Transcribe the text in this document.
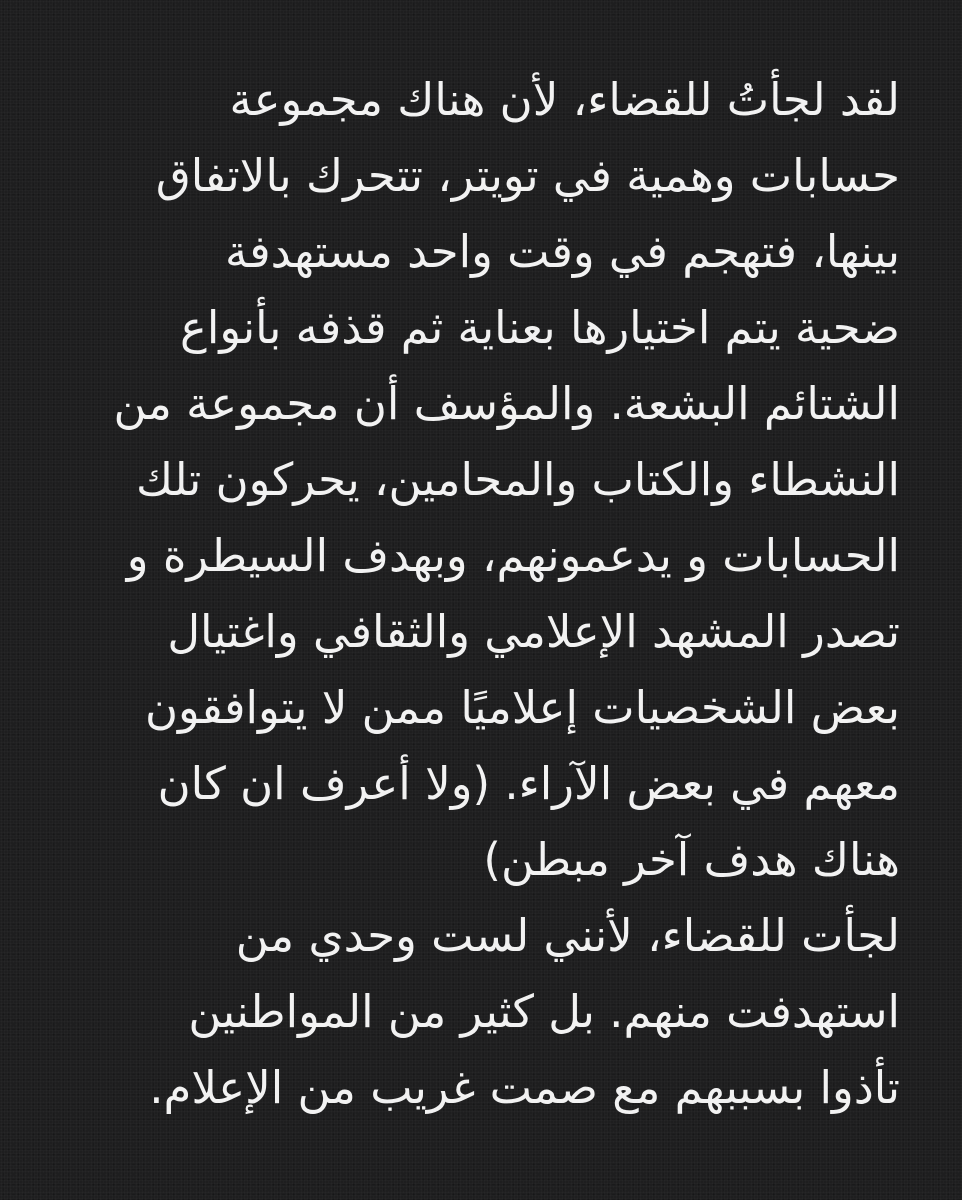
لقد لجأتُ للقضاء، لأن هناك مجموعة
حسابات وهمية في تويتر، تتحرك بالاتفاق
بينها، فتهجم في وقت واحد مستهدفة
ضحية يتم اختيارها بعناية ثم قذفه بأنواع
الشتائم البشعة. والمؤسف أن مجموعة من
النشطاء والكتاب والمحامين، يحركون تلك
الحسابات و يدعمونهم، وبهدف السيطرة و
تصدر المشهد الإعلامي والثقافي واغتيال
بعض الشخصيات إعلاميًا ممن لا يتوافقون
معهم في بعض الآراء. (ولا أعرف ان كان
هناك هدف آخر مبطن)
لجأت للقضاء، لأنني لست وحدي من
استهدفت منهم. بل كثير من المواطنين
تأذوا بسببهم مع صمت غريب من الإعلام.
